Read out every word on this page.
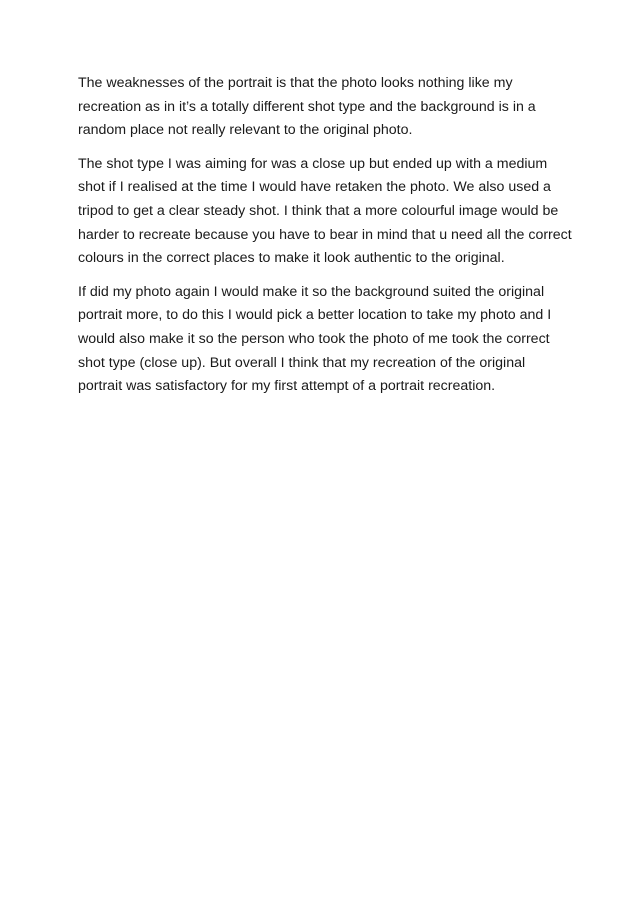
The weaknesses of the portrait is that the photo looks nothing like my
recreation as in it’s a totally different shot type and the background is in a
random place not really relevant to the original photo.

The shot type I was aiming for was a close up but ended up with a medium
shot if I realised at the time I would have retaken the photo. We also used a
tripod to get a clear steady shot. I think that a more colourful image would be
harder to recreate because you have to bear in mind that u need all the correct
colours in the correct places to make it look authentic to the original.

If did my photo again I would make it so the background suited the original
portrait more, to do this I would pick a better location to take my photo and I
would also make it so the person who took the photo of me took the correct
shot type (close up). But overall I think that my recreation of the original
portrait was satisfactory for my first attempt of a portrait recreation.
